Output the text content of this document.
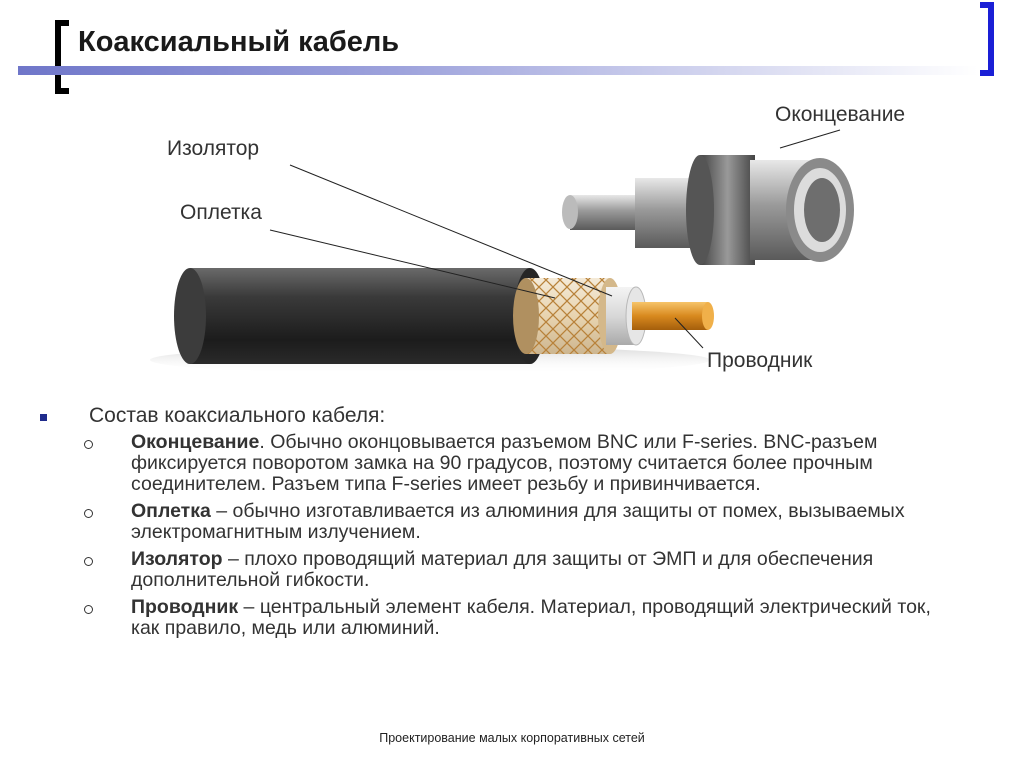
Коаксиальный кабель
Оконцевание
Изолятор
Оплетка
Проводник
Состав коаксиального кабеля:
Оконцевание. Обычно оконцовывается разъемом BNC или F-series. BNC-разъем фиксируется поворотом замка на 90 градусов, поэтому считается более прочным соединителем. Разъем типа F-series имеет резьбу и привинчивается.
Оплетка – обычно изготавливается из алюминия для защиты от помех, вызываемых электромагнитным излучением.
Изолятор – плохо проводящий материал для защиты от ЭМП и для обеспечения дополнительной гибкости.
Проводник – центральный элемент кабеля. Материал, проводящий электрический ток, как правило, медь или алюминий.
Проектирование малых корпоративных сетей
